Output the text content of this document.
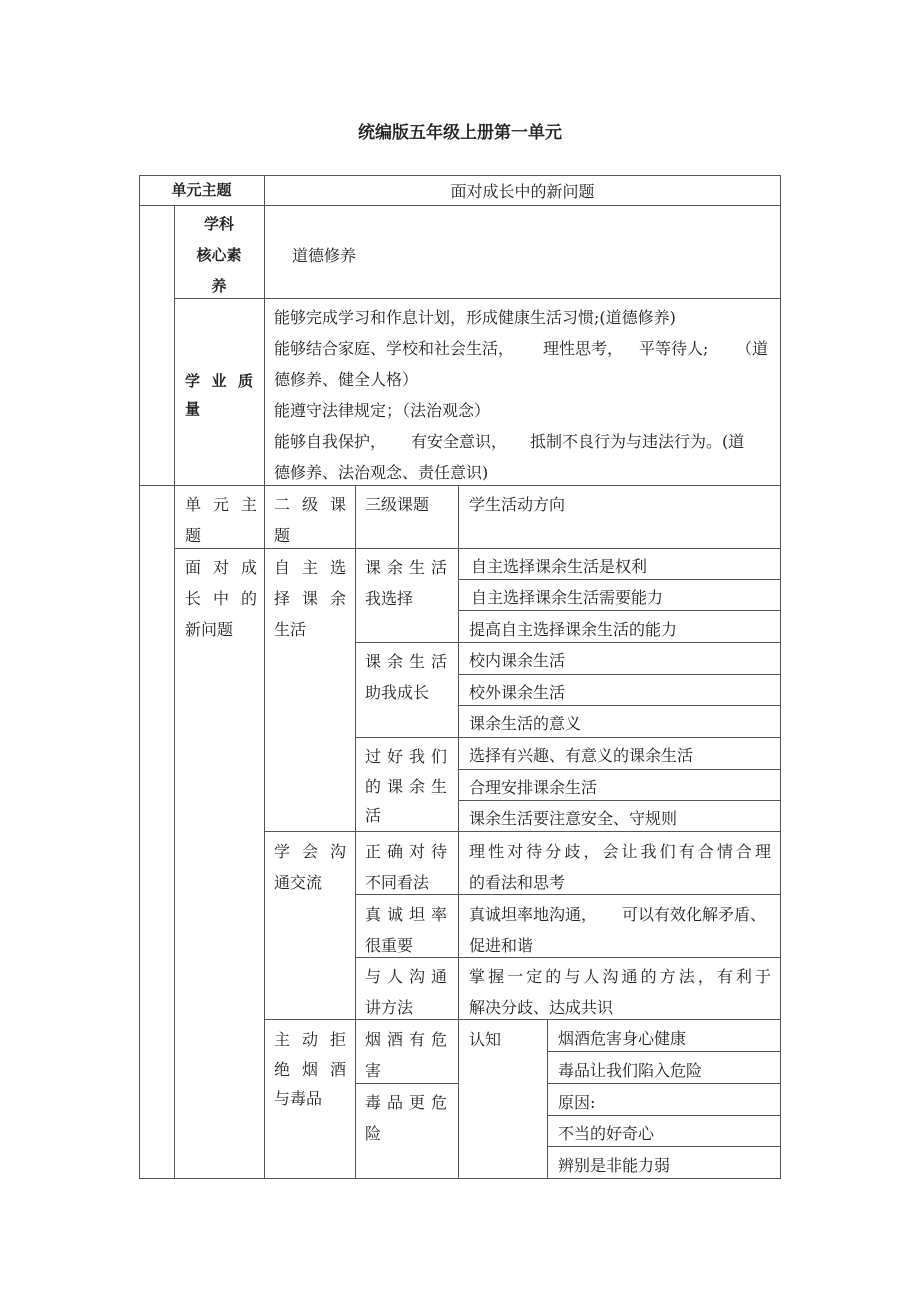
统编版五年级上册第一单元
单元主题	面对成长中的新问题
学科
核心素
养
道德修养
学 业 质
量
能够完成学习和作息计划，形成健康生活习惯;(道德修养)
能够结合家庭、学校和社会生活， 理性思考， 平等待人; （道
德修养、健全人格）
能遵守法律规定；（法治观念）
能够自我保护， 有安全意识， 抵制不良行为与违法行为。(道
德修养、法治观念、责任意识)
单 元 主
题
二 级 课
题
三级课题 学生活动方向
面 对 成
长 中 的
新问题
自 主 选
择 课 余
生活
课余生活
我选择
自主选择课余生活是权利
自主选择课余生活需要能力
提高自主选择课余生活的能力
课余生活
助我成长
校内课余生活
校外课余生活
课余生活的意义
过好我们
的课余生
活
选择有兴趣、有意义的课余生活
合理安排课余生活
课余生活要注意安全、守规则
学 会 沟
通交流
正确对待
不同看法
理性对待分歧，会让我们有合情合理
的看法和思考
真诚坦率
很重要
真诚坦率地沟通， 可以有效化解矛盾、
促进和谐
与人沟通
讲方法
掌握一定的与人沟通的方法，有利于
解决分歧、达成共识
主 动 拒
绝 烟 酒
与毒品
烟酒有危
害
毒品更危
险
认知	烟酒危害身心健康
毒品让我们陷入危险
原因:
不当的好奇心
辨别是非能力弱
